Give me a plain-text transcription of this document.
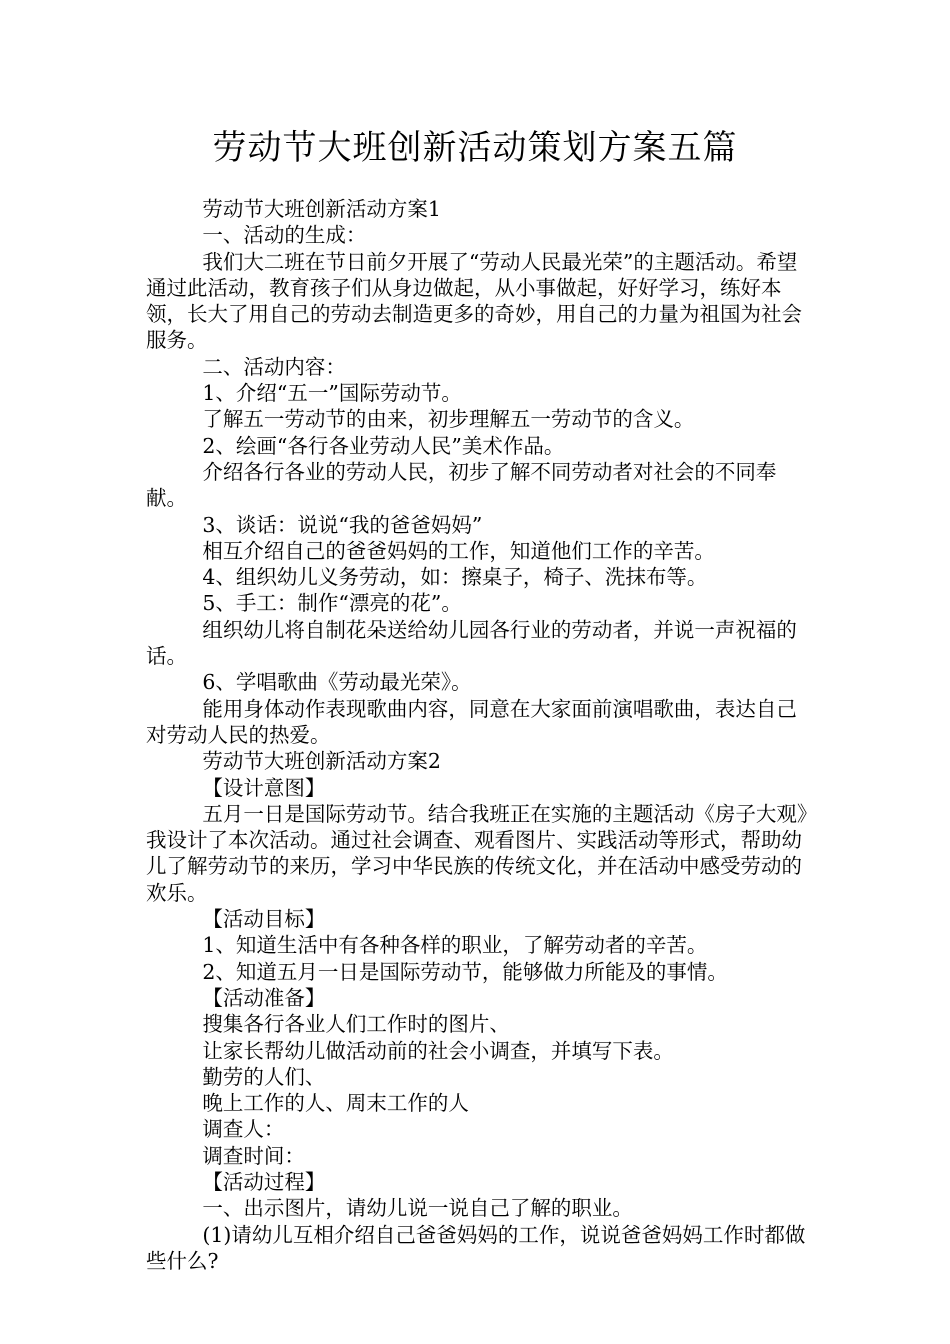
劳动节大班创新活动策划方案五篇

劳动节大班创新活动方案1

一、活动的生成：

我们大二班在节日前夕开展了“劳动人民最光荣”的主题活动。希望通过此活动，教育孩子们从身边做起，从小事做起，好好学习，练好本领，长大了用自己的劳动去制造更多的奇妙，用自己的力量为祖国为社会服务。

二、活动内容：

1、介绍“五一”国际劳动节。

了解五一劳动节的由来，初步理解五一劳动节的含义。

2、绘画“各行各业劳动人民”美术作品。

介绍各行各业的劳动人民，初步了解不同劳动者对社会的不同奉献。

3、谈话：说说“我的爸爸妈妈”

相互介绍自己的爸爸妈妈的工作，知道他们工作的辛苦。

4、组织幼儿义务劳动，如：擦桌子，椅子、洗抹布等。

5、手工：制作“漂亮的花”。

组织幼儿将自制花朵送给幼儿园各行业的劳动者，并说一声祝福的话。

6、学唱歌曲《劳动最光荣》。

能用身体动作表现歌曲内容，同意在大家面前演唱歌曲，表达自己对劳动人民的热爱。

劳动节大班创新活动方案2

【设计意图】

五月一日是国际劳动节。结合我班正在实施的主题活动《房子大观》我设计了本次活动。通过社会调查、观看图片、实践活动等形式，帮助幼儿了解劳动节的来历，学习中华民族的传统文化，并在活动中感受劳动的欢乐。

【活动目标】

1、知道生活中有各种各样的职业，了解劳动者的辛苦。

2、知道五月一日是国际劳动节，能够做力所能及的事情。

【活动准备】

搜集各行各业人们工作时的图片、

让家长帮幼儿做活动前的社会小调查，并填写下表。

勤劳的人们、

晚上工作的人、周末工作的人

调查人：

调查时间：

【活动过程】

一、出示图片，请幼儿说一说自己了解的职业。

(1)请幼儿互相介绍自己爸爸妈妈的工作，说说爸爸妈妈工作时都做些什么?
